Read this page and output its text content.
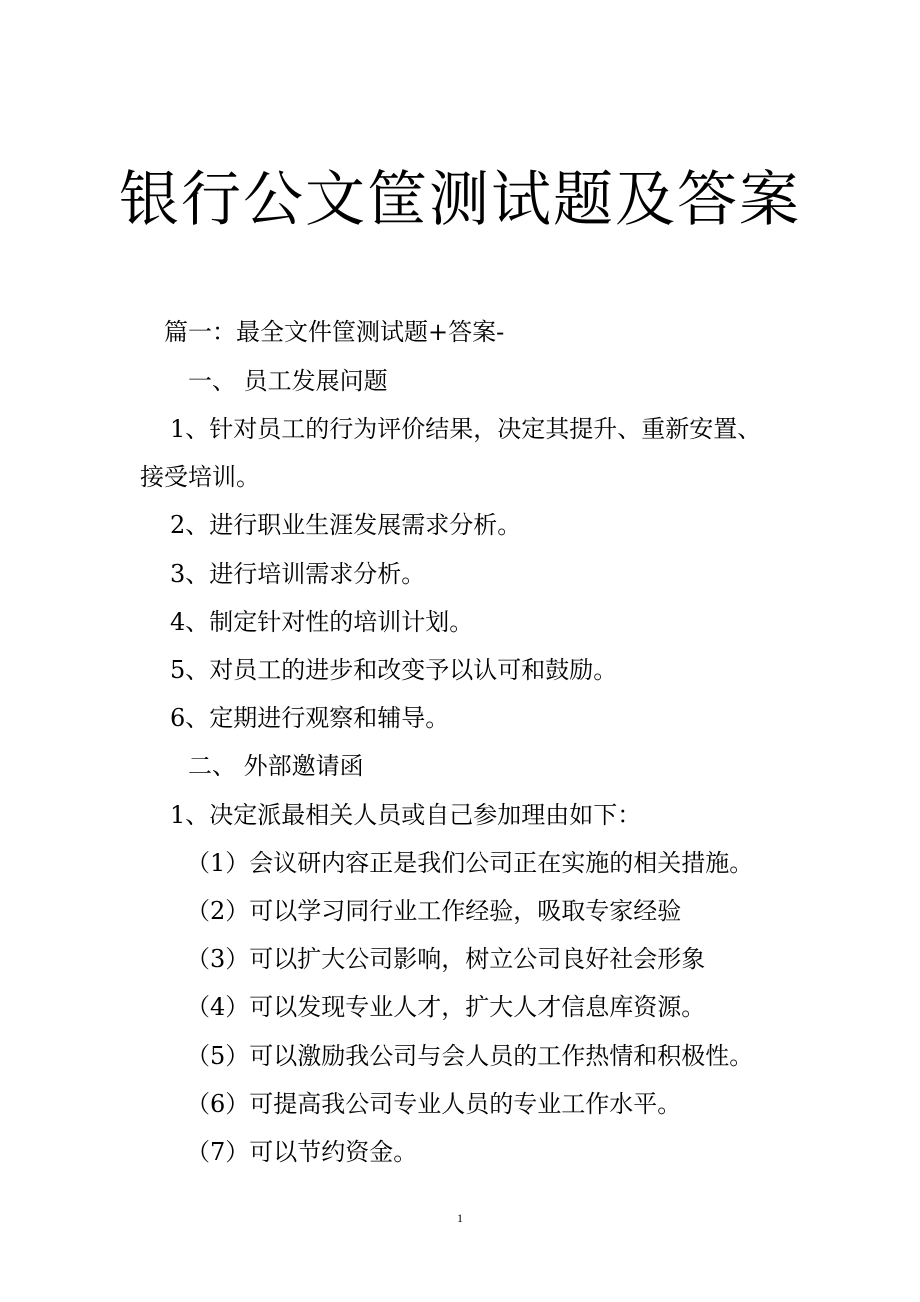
银行公文筐测试题及答案

篇一：最全文件筐测试题+答案-

一、 员工发展问题

1、针对员工的行为评价结果，决定其提升、重新安置、

接受培训。

2、进行职业生涯发展需求分析。

3、进行培训需求分析。

4、制定针对性的培训计划。

5、对员工的进步和改变予以认可和鼓励。

6、定期进行观察和辅导。

二、 外部邀请函

1、决定派最相关人员或自己参加理由如下：

（1）会议研内容正是我们公司正在实施的相关措施。

（2）可以学习同行业工作经验，吸取专家经验

（3）可以扩大公司影响，树立公司良好社会形象

（4）可以发现专业人才，扩大人才信息库资源。

（5）可以激励我公司与会人员的工作热情和积极性。

（6）可提高我公司专业人员的专业工作水平。

（7）可以节约资金。

1
